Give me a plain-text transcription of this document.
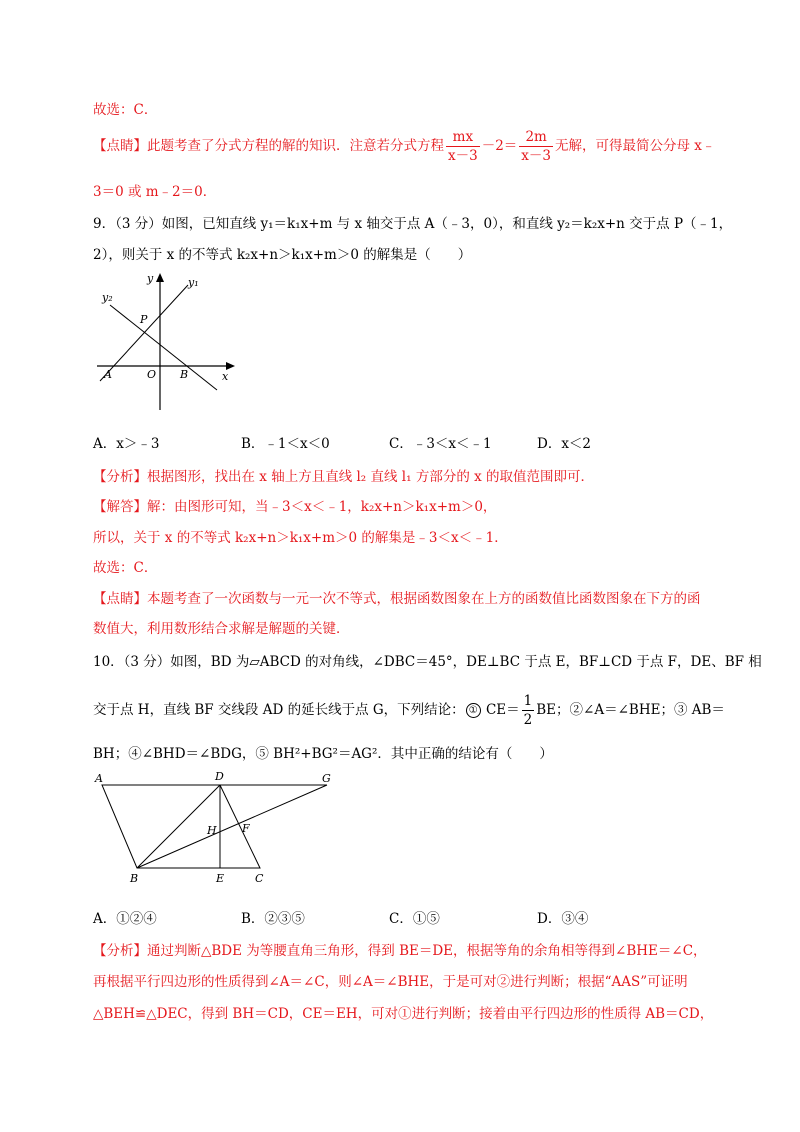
故选：C．
【点睛】此题考查了分式方程的解的知识．注意若分式方程 $\frac{mx}{x-3} -2= \frac{2m}{x-3}$ 无解，可得最简公分母 x﹣
3＝0 或 m﹣2＝0．
9．（3 分）如图，已知直线 y₁＝k₁x+m 与 x 轴交于点 A（﹣3，0），和直线 y₂＝k₂x+n 交于点 P（﹣1，
2），则关于 x 的不等式 k₂x+n＞k₁x+m＞0 的解集是（　　）
y	y₁
y₂
P
A	O B	x
A．x＞﹣3	B．﹣1＜x＜0	C．﹣3＜x＜﹣1	D．x＜2
【分析】根据图形，找出在 x 轴上方且直线 l₂ 直线 l₁ 方部分的 x 的取值范围即可．
【解答】解：由图形可知，当﹣3＜x＜﹣1，k₂x+n＞k₁x+m＞0，
所以，关于 x 的不等式 k₂x+n＞k₁x+m＞0 的解集是﹣3＜x＜﹣1．
故选：C．
【点睛】本题考查了一次函数与一元一次不等式，根据函数图象在上方的函数值比函数图象在下方的函
数值大，利用数形结合求解是解题的关键．
10．（3 分）如图，BD 为▱ABCD 的对角线，∠DBC＝45°，DE⊥BC 于点 E，BF⊥CD 于点 F，DE、BF 相
交于点 H，直线 BF 交线段 AD 的延长线于点 G，下列结论： ① $CE= \frac{1}{2}$ BE；②∠A＝∠BHE；③ AB＝
BH；④∠BHD＝∠BDG，⑤ BH²+BG²＝AG²．其中正确的结论有（　　）
A	D	G
H F
B	E	C
A．①②④	B．②③⑤	C．①⑤	D．③④
【分析】通过判断△BDE 为等腰直角三角形，得到 BE＝DE，根据等角的余角相等得到∠BHE＝∠C，
再根据平行四边形的性质得到∠A＝∠C，则∠A＝∠BHE，于是可对②进行判断；根据“AAS”可证明
△BEH≌△DEC，得到 BH＝CD，CE＝EH，可对①进行判断；接着由平行四边形的性质得 AB＝CD，
